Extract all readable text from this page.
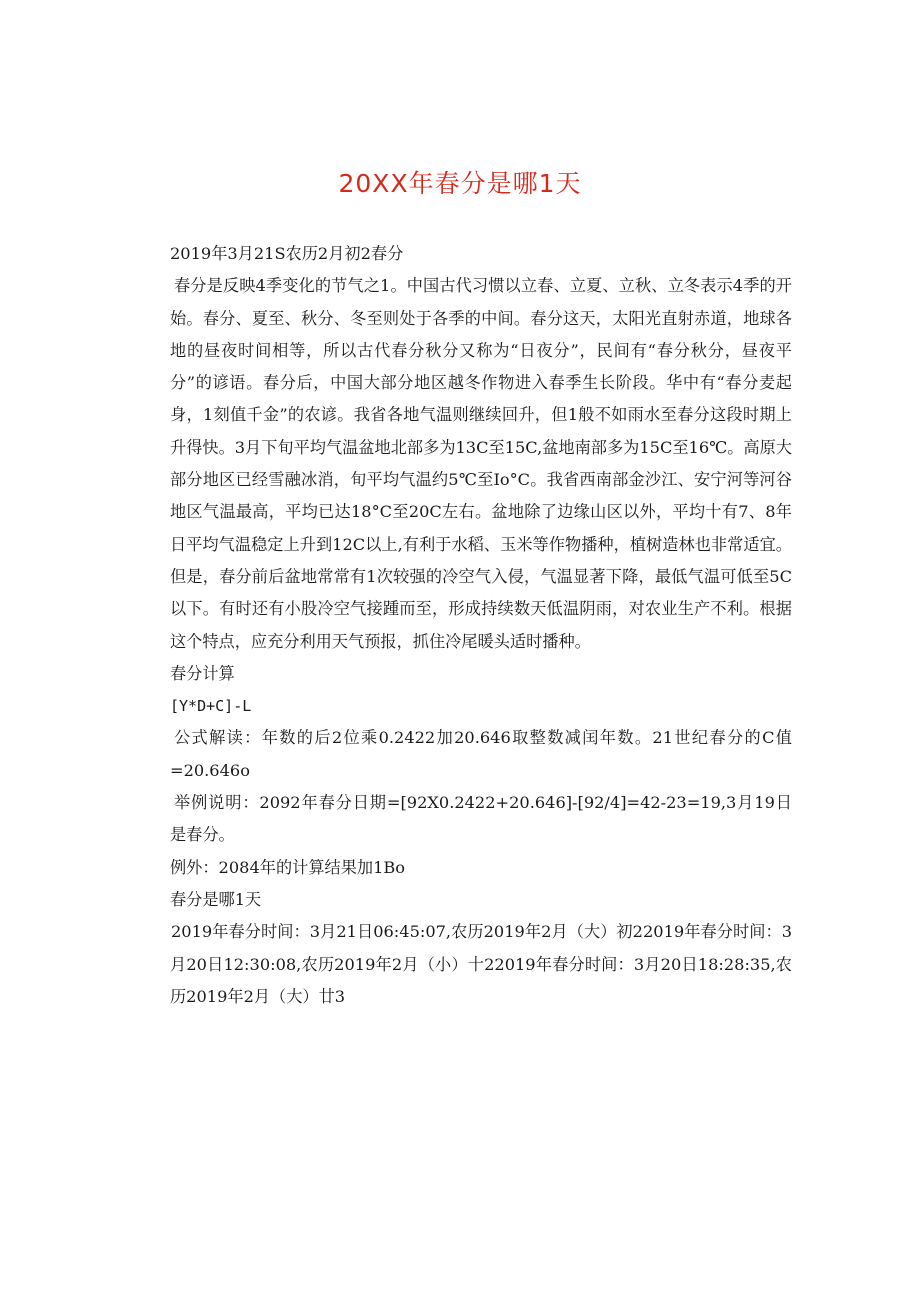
20XX年春分是哪1天

2019年3月21S农历2月初2春分

春分是反映4季变化的节气之1。中国古代习惯以立春、立夏、立秋、立冬表示4季的开始。春分、夏至、秋分、冬至则处于各季的中间。春分这天，太阳光直射赤道，地球各地的昼夜时间相等，所以古代春分秋分又称为“日夜分”，民间有“春分秋分，昼夜平分”的谚语。春分后，中国大部分地区越冬作物进入春季生长阶段。华中有“春分麦起身，1刻值千金”的农谚。我省各地气温则继续回升，但1般不如雨水至春分这段时期上升得快。3月下旬平均气温盆地北部多为13C至15C,盆地南部多为15C至16℃。高原大部分地区已经雪融冰消，旬平均气温约5℃至Io°C。我省西南部金沙江、安宁河等河谷地区气温最高，平均已达18°C至20C左右。盆地除了边缘山区以外，平均十有7、8年日平均气温稳定上升到12C以上,有利于水稻、玉米等作物播种，植树造林也非常适宜。但是，春分前后盆地常常有1次较强的冷空气入侵，气温显著下降，最低气温可低至5C以下。有时还有小股冷空气接踵而至，形成持续数天低温阴雨，对农业生产不利。根据这个特点，应充分利用天气预报，抓住冷尾暖头适时播种。

春分计算

[Y*D+C]-L

公式解读：年数的后2位乘0.2422加20.646取整数减闰年数。21世纪春分的C值=20.646o

举例说明：2092年春分日期=[92X0.2422+20.646]-[92/4]=42-23=19,3月19日是春分。

例外：2084年的计算结果加1Bo

春分是哪1天

2019年春分时间：3月21日06:45:07,农历2019年2月（大）初22019年春分时间：3月20日12:30:08,农历2019年2月（小）十22019年春分时间：3月20日18:28:35,农历2019年2月（大）廿3
